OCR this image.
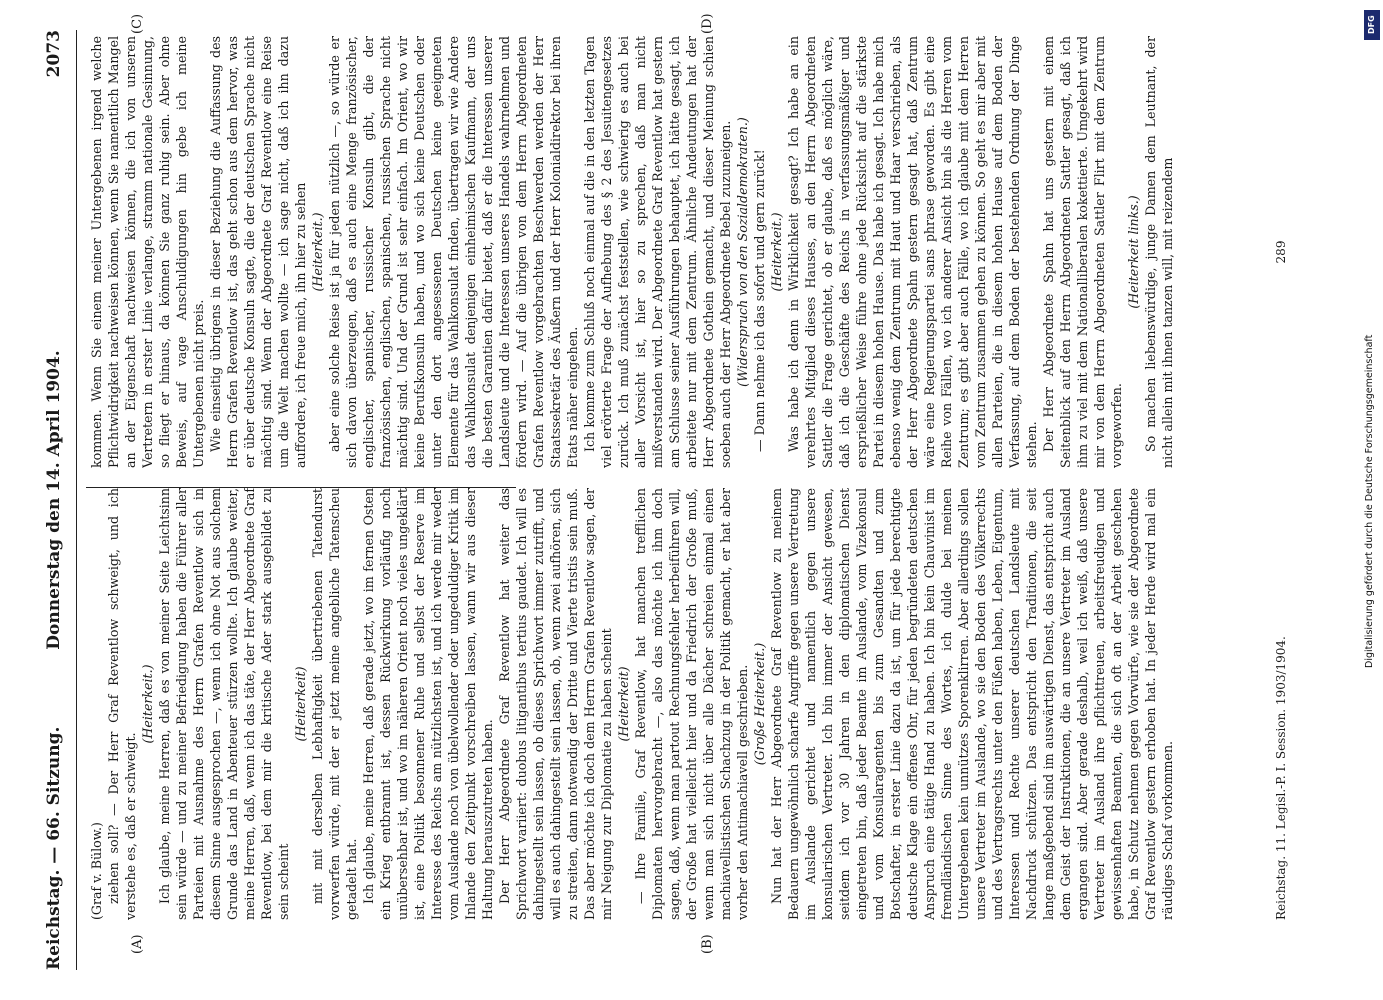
Reichstag. — 66. Sitzung.
Donnerstag den 14. April 1904.
2073
(A)	(B)
(C)	(D)

(Graf v. Bülow.) ziehen soll? — Der Herr Graf Reventlow schweigt, und ich verstehe es, daß er schweigt.

(Heiterkeit.) Ich glaube, meine Herren, daß es von meiner Seite Leichtsinn sein würde — und zu meiner Befriedigung haben die Führer aller Parteien mit Ausnahme des Herrn Grafen Reventlow sich in diesem Sinne ausgesprochen —, wenn ich ohne Not aus solchem Grunde das Land in Abenteuer stürzen wollte. Ich glaube weiter, meine Herren, daß, wenn ich das täte, der Herr Abgeordnete Graf Reventlow, bei dem mir die kritische Ader stark ausgebildet zu sein scheint

(Heiterkeit) mit mit derselben Lebhaftigkeit übertriebenen Tatendurst vorwerfen würde, mit der er jetzt meine angebliche Tatenscheu getadelt hat. Ich glaube, meine Herren, daß gerade jetzt, wo im fernen Osten ein Krieg entbrannt ist, dessen Rückwirkung vorläufig noch unübersehbar ist, und wo im näheren Orient noch vieles ungeklärt ist, eine Politik besonnener Ruhe und selbst der Reserve im Interesse des Reichs am nützlichsten ist, und ich werde mir weder vom Auslande noch von übelwollender oder ungeduldiger Kritik im Inlande den Zeitpunkt vorschreiben lassen, wann wir aus dieser Haltung herauszutreten haben. Der Herr Abgeordnete Graf Reventlow hat weiter das Sprichwort variiert: duobus litigantibus tertius gaudet. Ich will es dahingestellt sein lassen, ob dieses Sprichwort immer zutrifft, und will es auch dahingestellt sein lassen, ob, wenn zwei aufhören, sich zu streiten, dann notwendig der Dritte und Vierte tristis sein muß. Das aber möchte ich doch dem Herrn Grafen Reventlow sagen, der mir Neigung zur Diplomatie zu haben scheint (Heiterkeit) — Ihre Familie, Graf Reventlow, hat manchen trefflichen Diplomaten hervorgebracht —, also das möchte ich ihm doch sagen, daß, wenn man partout Rechnungsfehler herbeiführen will, der Große hat vielleicht hier und da Friedrich der Große muß, wenn man sich nicht über alle Dächer schreien einmal einen machiavellistischen Schachzug in der Politik gemacht, er hat aber vorher den Antimachiavell geschrieben. (Große Heiterkeit.) Nun hat der Herr Abgeordnete Graf Reventlow zu meinem Bedauern ungewöhnlich scharfe Angriffe gegen unsere Vertretung im Auslande gerichtet und namentlich gegen unsere konsularischen Vertreter. Ich bin immer der Ansicht gewesen, seitdem ich vor 30 Jahren in den diplomatischen Dienst eingetreten bin, daß jeder Beamte im Auslande, vom Vizekonsul und vom Konsularagenten bis zum Gesandten und zum Botschafter, in erster Linie dazu da ist, um für jede berechtigte deutsche Klage ein offenes Ohr, für jeden begründeten deutschen Anspruch eine tätige Hand zu haben. Ich bin kein Chauvinist im fremdländischen Sinne des Wortes, ich dulde bei meinen Untergebenen kein unnützes Sporenklirren. Aber allerdings sollen unsere Vertreter im Auslande, wo sie den Boden des Völkerrechts und des Vertragsrechts unter den Füßen haben, Leben, Eigentum, Interessen und Rechte unserer deutschen Landsleute mit Nachdruck schützen. Das entspricht den Traditionen, die seit lange maßgebend sind im auswärtigen Dienst, das entspricht auch dem Geist der Instruktionen, die an unsere Vertreter im Ausland ergangen sind. Aber gerade deshalb, weil ich weiß, daß unsere Vertreter im Ausland ihre pflichttreuen, arbeitsfreudigen und gewissenhaften Beamten, die sich oft an der Arbeit geschehen habe, in Schutz nehmen gegen Vorwürfe, wie sie der Abgeordnete Graf Reventlow gestern erhoben hat. In jeder Herde wird mal ein räudiges Schaf vorkommen.

kommen. Wenn Sie einem meiner Untergebenen irgend welche Pflichtwidrigkeit nachweisen können, wenn Sie namentlich Mangel an der Eigenschaft nachweisen können, die ich von unseren Vertretern in erster Linie verlange, stramm nationale Gesinnung, so fliegt er hinaus, da können Sie ganz ruhig sein. Aber ohne Beweis, auf vage Anschuldigungen hin gebe ich meine Untergebenen nicht preis. Wie einseitig übrigens in dieser Beziehung die Auffassung des Herrn Grafen Reventlow ist, das geht schon aus dem hervor, was er über deutsche Konsuln sagte, die der deutschen Sprache nicht mächtig sind. Wenn der Abgeordnete Graf Reventlow eine Reise um die Welt machen wollte — ich sage nicht, daß ich ihn dazu auffordere, ich freue mich, ihn hier zu sehen (Heiterkeit.) aber eine solche Reise ist ja für jeden nützlich —, so würde er sich davon überzeugen, daß es auch eine Menge französischer, englischer, spanischer, russischer Konsuln gibt, die der französischen, englischen, spanischen, russischen Sprache nicht mächtig sind. Und der Grund ist sehr einfach. Im Orient, wo wir keine Berufskonsuln haben, und wo sich keine Deutschen oder unter den dort angesessenen Deutschen keine geeigneten Elemente für das Wahlkonsulat finden, übertragen wir wie Andere das Wahlkonsulat denjenigen einheimischen Kaufmann, der uns die besten Garantien dafür bietet, daß er die Interessen unserer Landsleute und die Interessen unseres Handels wahrnehmen und fördern wird. — Auf die übrigen von dem Herrn Abgeordneten Grafen Reventlow vorgebrachten Beschwerden werden der Herr Staatssekretär des Äußern und der Herr Kolonialdirektor bei ihren Etats näher eingehen. Ich komme zum Schluß noch einmal auf die in den letzten Tagen viel erörterte Frage der Aufhebung des § 2 des Jesuitengesetzes zurück. Ich muß zunächst feststellen, wie schwierig es auch bei aller Vorsicht ist, hier so zu sprechen, daß man nicht mißverstanden wird. Der Abgeordnete Graf Reventlow hat gestern am Schlusse seiner Ausführungen behauptet, ich hätte gesagt, ich arbeitete nur mit dem Zentrum. Ähnliche Andeutungen hat der Herr Abgeordnete Gothein gemacht, und dieser Meinung schien soeben auch der Herr Abgeordnete Bebel zuzuneigen. (Widerspruch von den Sozialdemokraten.) — Dann nehme ich das sofort und gern zurück! (Heiterkeit.) Was habe ich denn in Wirklichkeit gesagt? Ich habe an ein verehrtes Mitglied dieses Hauses, an den Herrn Abgeordneten Sattler die Frage gerichtet, ob er glaube, daß es möglich wäre, daß ich die Geschäfte des Reichs in verfassungsmäßiger und ersprießlicher Weise führe ohne jede Rücksicht auf die stärkste Partei in diesem hohen Hause. Das habe ich gesagt. Ich habe mich ebenso wenig dem Zentrum mit Haut und Haar verschrieben, als der Herr Abgeordnete Spahn gestern gesagt hat, daß Zentrum wäre eine Regierungspartei sans phrase geworden. Es gibt eine Reihe von Fällen, wo ich anderer Ansicht bin als die Herren vom Zentrum; es gibt aber auch Fälle, wo ich glaube mit dem Herren vom Zentrum zusammen gehen zu können. So geht es mir aber mit allen Parteien, die in diesem hohen Hause auf dem Boden der Verfassung, auf dem Boden der bestehenden Ordnung der Dinge stehen. Der Herr Abgeordnete Spahn hat uns gestern mit einem Seitenblick auf den Herrn Abgeordneten Sattler gesagt, daß ich ihm zu viel mit dem Nationalliberalen kokettierte. Umgekehrt wird mir von dem Herrn Abgeordneten Sattler Flirt mit dem Zentrum vorgeworfen.

(Heiterkeit links.) So machen liebenswürdige, junge Damen dem Leutnant, der nicht allein mit ihnen tanzen will, mit reizendem

Reichstag. 11. Legisl.-P. I. Session. 1903/1904.
289
DFG
Digitalisierung gefördert durch die Deutsche Forschungsgemeinschaft
